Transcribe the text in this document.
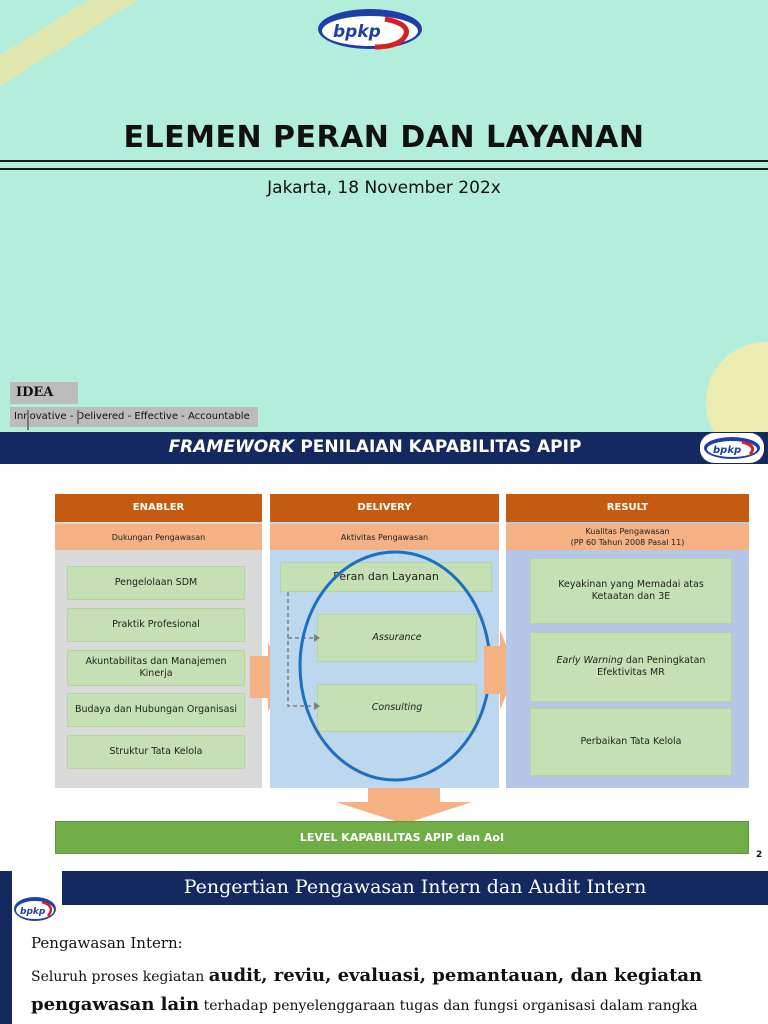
bpkp
ELEMEN PERAN DAN LAYANAN
Jakarta, 18 November 202x
IDEA
Innovative - Delivered - Effective - Accountable
FRAMEWORK PENILAIAN KAPABILITAS APIP	bpkp
ENABLER
Dukungan Pengawasan
Pengelolaan SDM
Praktik Profesional
Akuntabilitas dan Manajemen Kinerja
Budaya dan Hubungan Organisasi
Struktur Tata Kelola
DELIVERY
Aktivitas Pengawasan
Peran dan Layanan
Assurance
Consulting
RESULT
Kualitas Pengawasan
(PP 60 Tahun 2008 Pasal 11)
Keyakinan yang Memadai atas Ketaatan dan 3E
Early Warning dan Peningkatan Efektivitas MR
Perbaikan Tata Kelola
LEVEL KAPABILITAS APIP dan AoI
2
Pengertian Pengawasan Intern dan Audit Intern
bpkp
Pengawasan Intern:
Seluruh proses kegiatan audit, reviu, evaluasi, pemantauan, dan kegiatan pengawasan lain terhadap penyelenggaraan tugas dan fungsi organisasi dalam rangka
